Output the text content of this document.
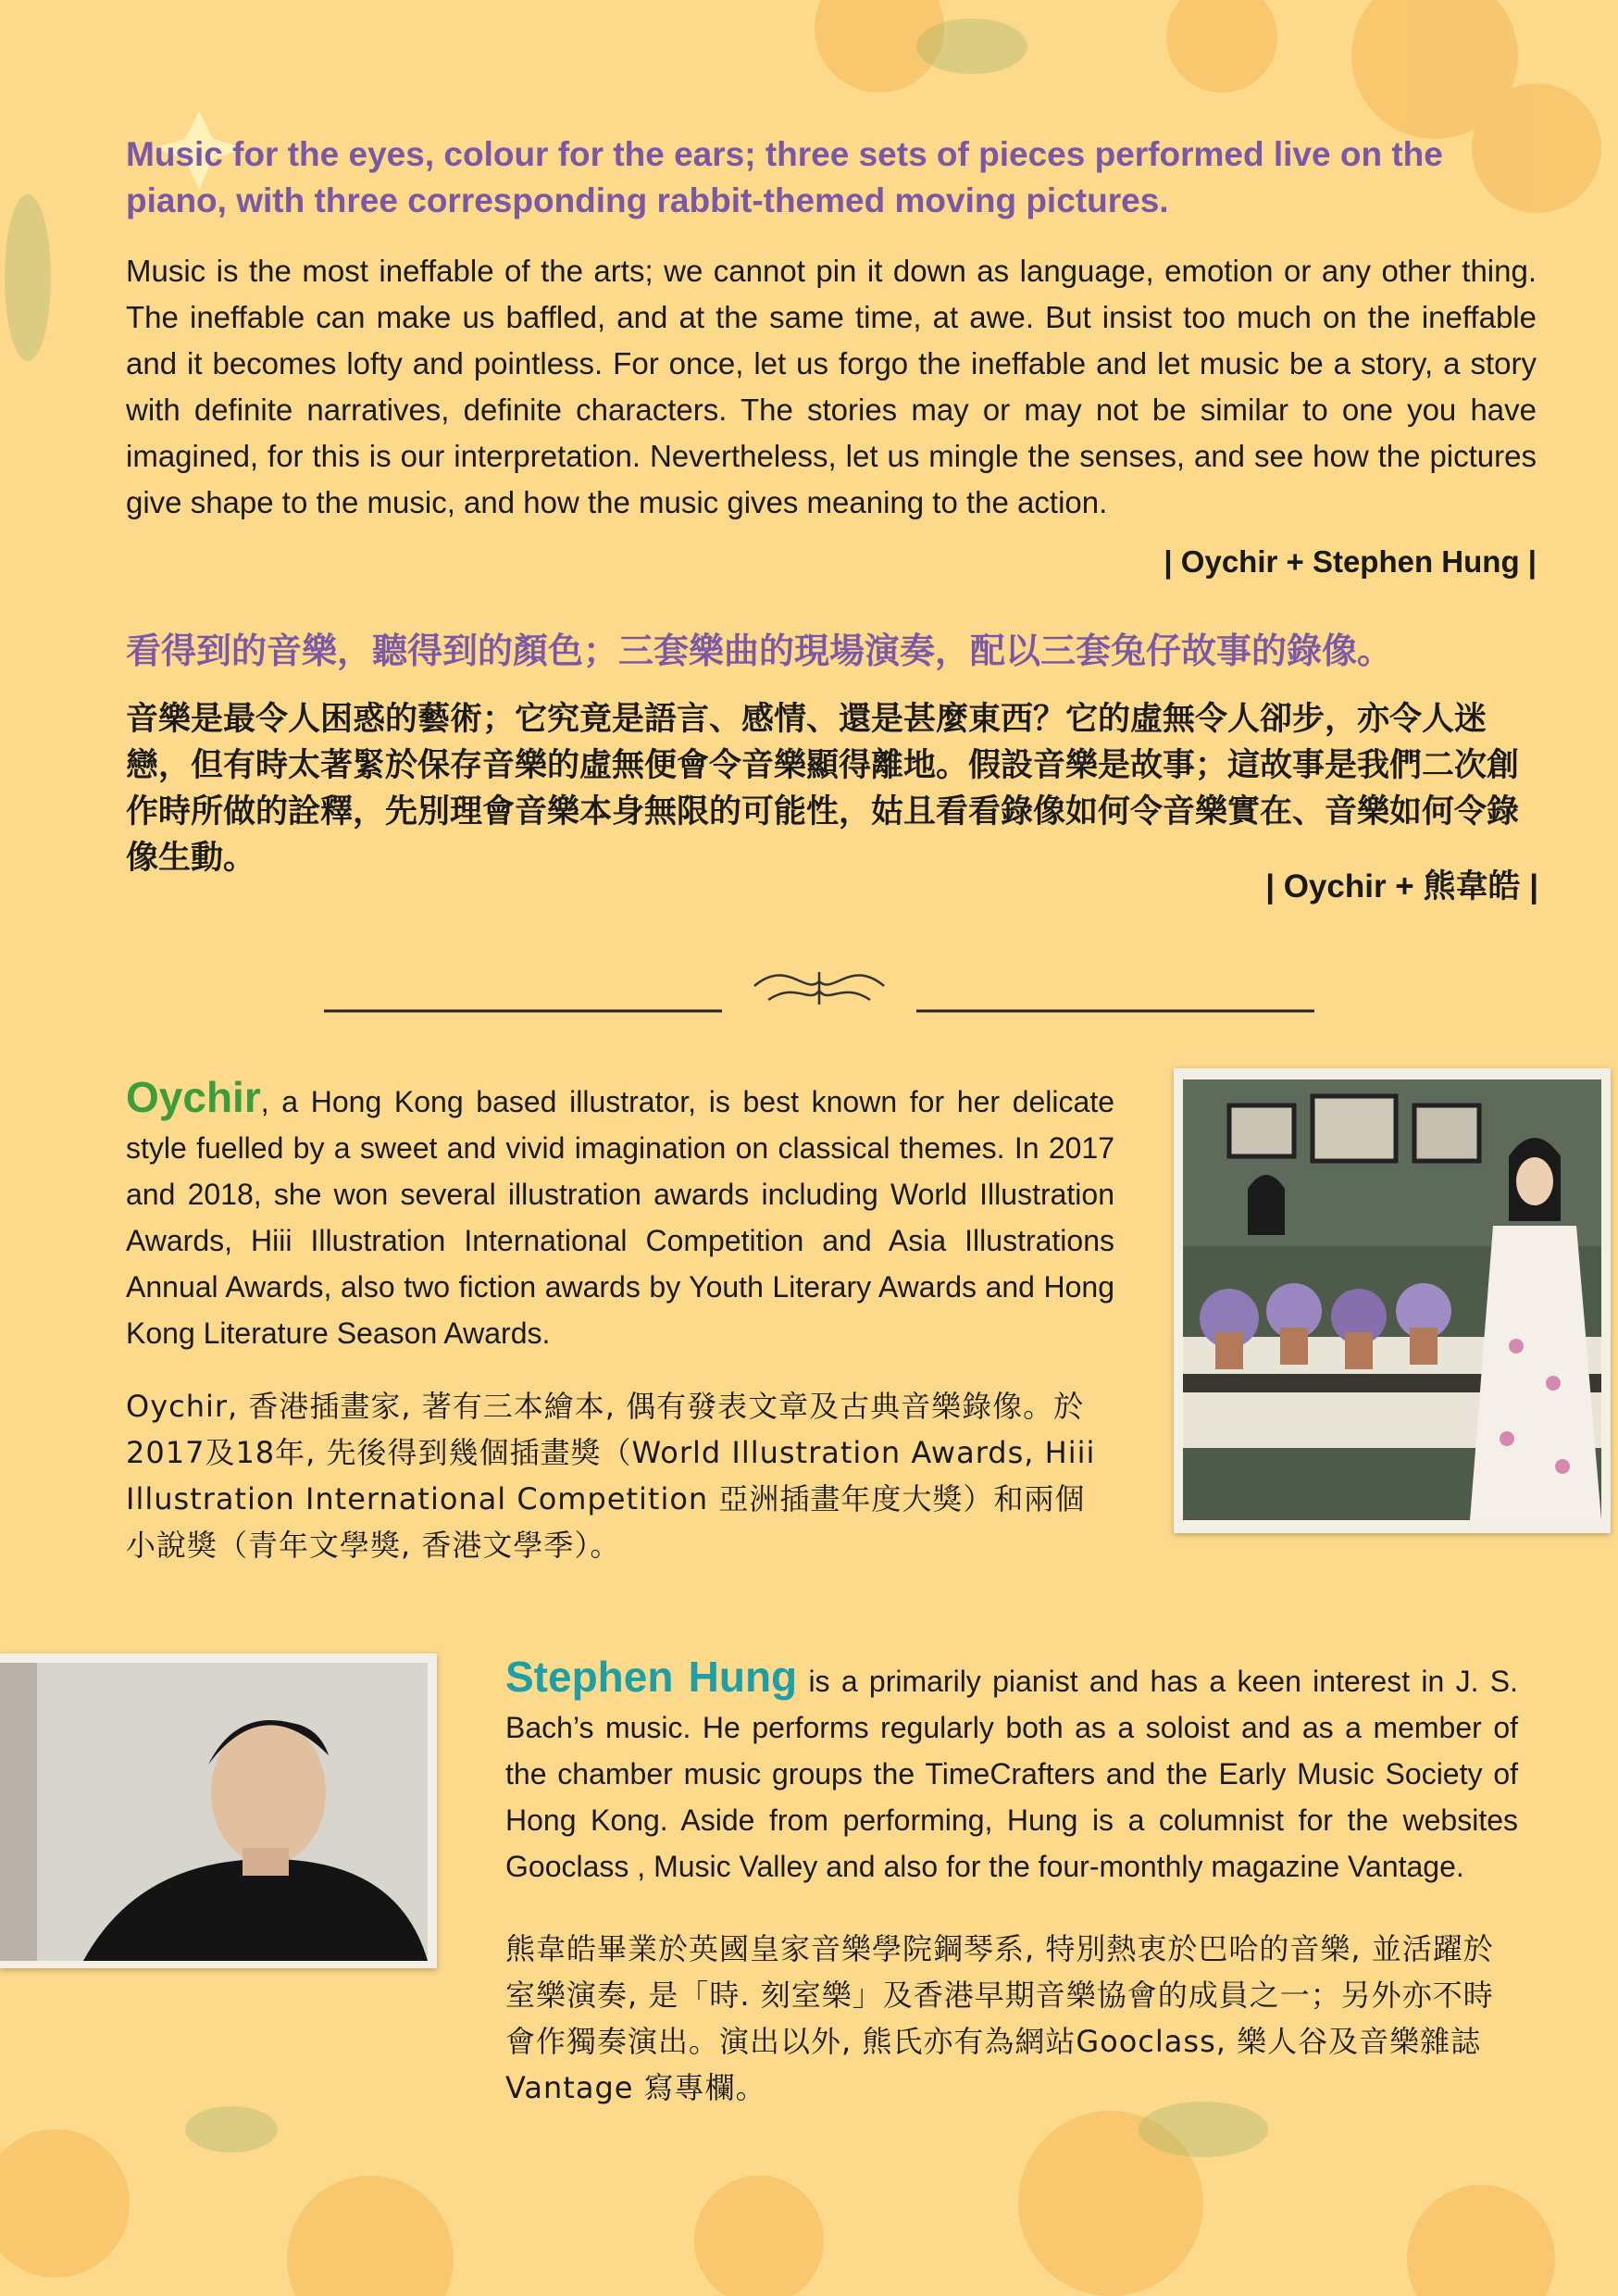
Music for the eyes, colour for the ears; three sets of pieces performed live on the piano, with three corresponding rabbit-themed moving pictures.

Music is the most ineffable of the arts; we cannot pin it down as language, emotion or any other thing. The ineffable can make us baffled, and at the same time, at awe. But insist too much on the ineffable and it becomes lofty and pointless. For once, let us forgo the ineffable and let music be a story, a story with definite narratives, definite characters. The stories may or may not be similar to one you have imagined, for this is our interpretation. Nevertheless, let us mingle the senses, and see how the pictures give shape to the music, and how the music gives meaning to the action.

| Oychir + Stephen Hung |
看得到的音樂，聽得到的顏色；三套樂曲的現場演奏，配以三套兔仔故事的錄像。

音樂是最令人困惑的藝術；它究竟是語言、感情、還是甚麼東西？它的虛無令人卻步，亦令人迷戀，但有時太著緊於保存音樂的虛無便會令音樂顯得離地。假設音樂是故事；這故事是我們二次創作時所做的詮釋，先別理會音樂本身無限的可能性，姑且看看錄像如何令音樂實在、音樂如何令錄像生動。

| Oychir + 熊韋皓 |

Oychir, a Hong Kong based illustrator, is best known for her delicate style fuelled by a sweet and vivid imagination on classical themes. In 2017 and 2018, she won several illustration awards including World Illustration Awards, Hiii Illustration International Competition and Asia Illustrations Annual Awards, also two fiction awards by Youth Literary Awards and Hong Kong Literature Season Awards.

Oychir, 香港插畫家, 著有三本繪本, 偶有發表文章及古典音樂錄像。於2017及18年, 先後得到幾個插畫獎（World Illustration Awards, Hiii Illustration International Competition 亞洲插畫年度大獎）和兩個小說獎（青年文學獎, 香港文學季）。

Stephen Hung is a primarily pianist and has a keen interest in J. S. Bach’s music. He performs regularly both as a soloist and as a member of the chamber music groups the TimeCrafters and the Early Music Society of Hong Kong. Aside from performing, Hung is a columnist for the websites Gooclass , Music Valley and also for the four-monthly magazine Vantage.

熊韋皓畢業於英國皇家音樂學院鋼琴系, 特別熱衷於巴哈的音樂, 並活躍於室樂演奏, 是「時. 刻室樂」及香港早期音樂協會的成員之一；另外亦不時會作獨奏演出。演出以外, 熊氏亦有為網站Gooclass, 樂人谷及音樂雜誌Vantage 寫專欄。
